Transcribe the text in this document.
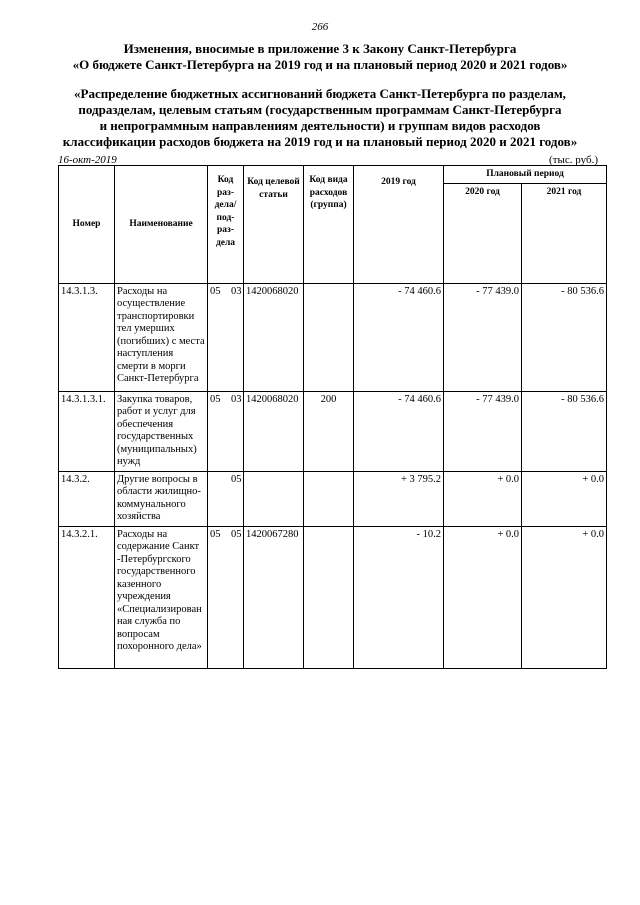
266
Изменения, вносимые в приложение 3 к Закону Санкт-Петербурга
«О бюджете Санкт-Петербурга на 2019 год и на плановый период 2020 и 2021 годов»
«Распределение бюджетных ассигнований бюджета Санкт-Петербурга по разделам,
подразделам, целевым статьям (государственным программам Санкт-Петербурга
и непрограммным направлениям деятельности) и группам видов расходов
классификации расходов бюджета на 2019 год и на плановый период 2020 и 2021 годов»
16-окт-2019	(тыс. руб.)
Номер	Наименование	Код раз- дела/ под- раз- дела	Код целевой статьи	Код вида расходов (группа)	2019 год	Плановый период	
						2020 год	2021 год
14.3.1.3.	Расходы на осуществление транспортировки тел умерших (погибших) с места наступления смерти в морги Санкт-Петербурга	05    03	1420068020		- 74 460.6	- 77 439.0	- 80 536.6
14.3.1.3.1.	Закупка товаров, работ и услуг для обеспечения государственных (муниципальных) нужд	05    03	1420068020	200	- 74 460.6	- 77 439.0	- 80 536.6
14.3.2.	Другие вопросы в области жилищно-коммунального хозяйства	05			+ 3 795.2	+ 0.0	+ 0.0
14.3.2.1.	Расходы на содержание Санкт -Петербургского государственного казенного учреждения «Специализирован ная служба по вопросам похоронного дела»	05    05	1420067280		- 10.2	+ 0.0	+ 0.0
